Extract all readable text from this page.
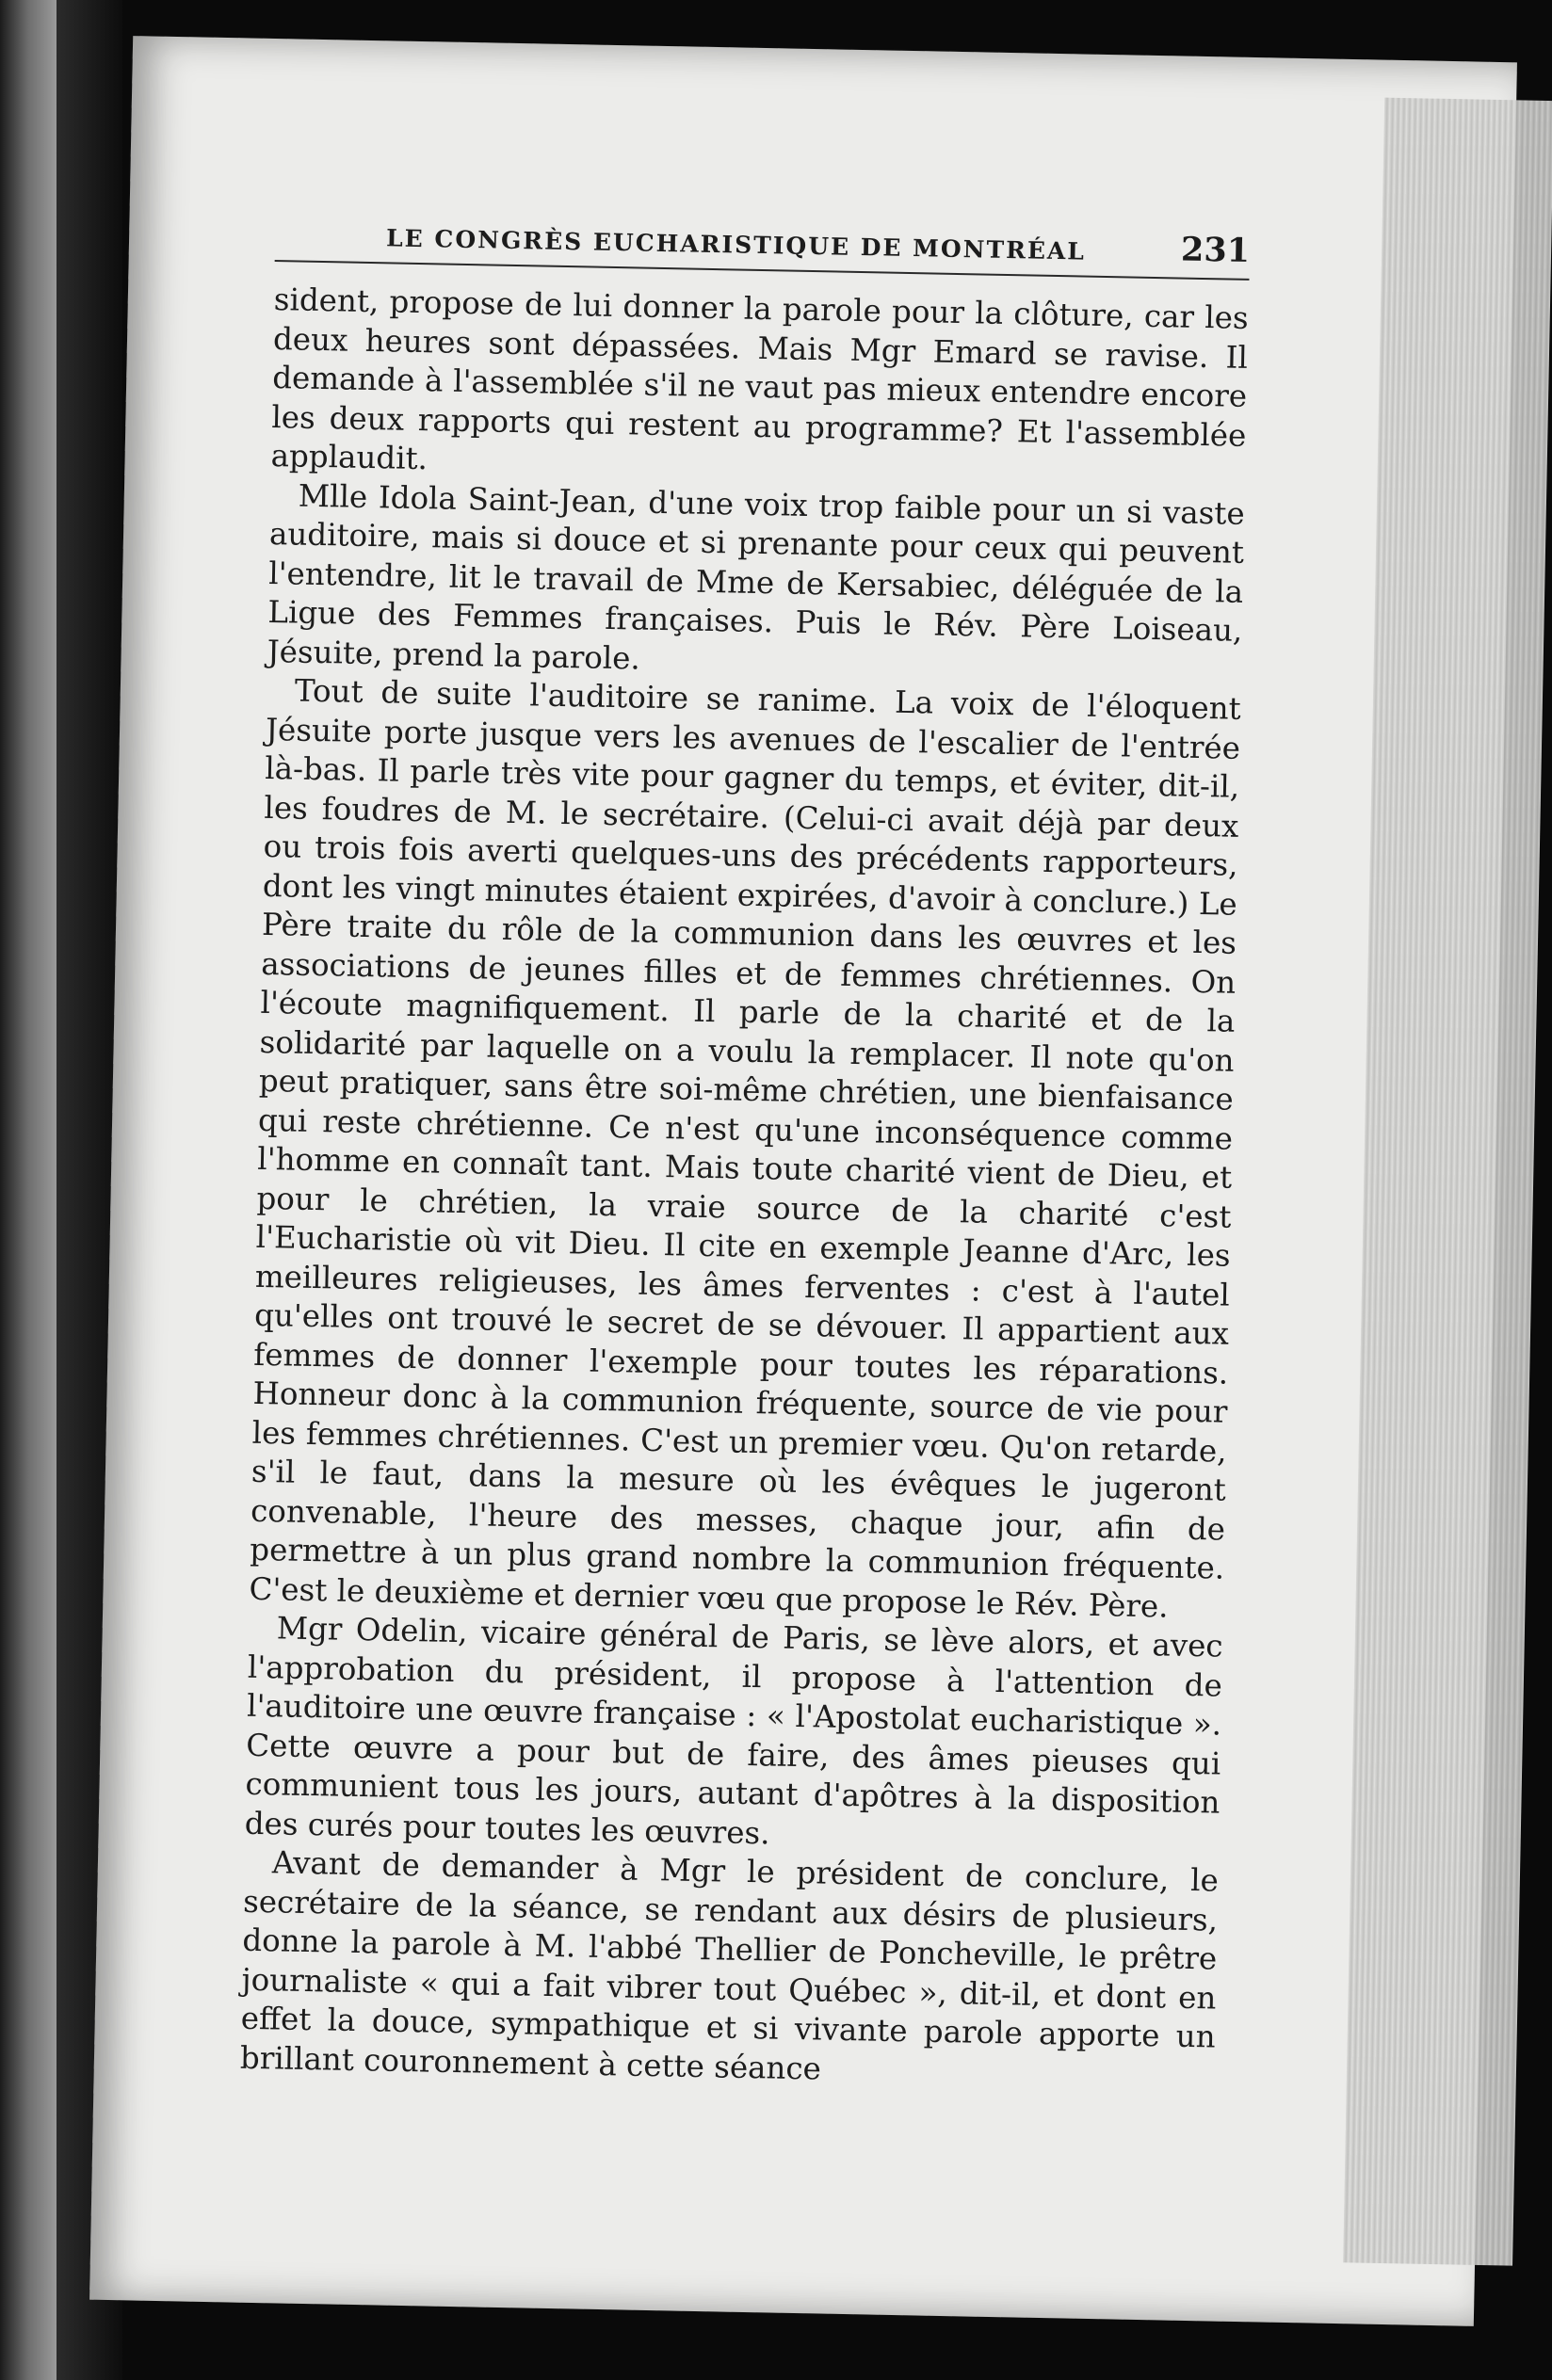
LE CONGRÈS EUCHARISTIQUE DE MONTRÉAL	231

sident, propose de lui donner la parole pour la clôture, car les deux heures sont dépassées. Mais Mgr Emard se ravise. Il demande à l'assemblée s'il ne vaut pas mieux entendre encore les deux rapports qui restent au programme? Et l'assemblée applaudit.

Mlle Idola Saint-Jean, d'une voix trop faible pour un si vaste auditoire, mais si douce et si prenante pour ceux qui peuvent l'entendre, lit le travail de Mme de Kersabiec, déléguée de la Ligue des Femmes françaises. Puis le Rév. Père Loiseau, Jésuite, prend la parole.

Tout de suite l'auditoire se ranime. La voix de l'éloquent Jésuite porte jusque vers les avenues de l'escalier de l'entrée là-bas. Il parle très vite pour gagner du temps, et éviter, dit-il, les foudres de M. le secrétaire. (Celui-ci avait déjà par deux ou trois fois averti quelques-uns des précédents rapporteurs, dont les vingt minutes étaient expirées, d'avoir à conclure.) Le Père traite du rôle de la communion dans les œuvres et les associations de jeunes filles et de femmes chrétiennes. On l'écoute magnifiquement. Il parle de la charité et de la solidarité par laquelle on a voulu la remplacer. Il note qu'on peut pratiquer, sans être soi-même chrétien, une bienfaisance qui reste chrétienne. Ce n'est qu'une inconséquence comme l'homme en connaît tant. Mais toute charité vient de Dieu, et pour le chrétien, la vraie source de la charité c'est l'Eucharistie où vit Dieu. Il cite en exemple Jeanne d'Arc, les meilleures religieuses, les âmes ferventes : c'est à l'autel qu'elles ont trouvé le secret de se dévouer. Il appartient aux femmes de donner l'exemple pour toutes les réparations. Honneur donc à la communion fréquente, source de vie pour les femmes chrétiennes. C'est un premier vœu. Qu'on retarde, s'il le faut, dans la mesure où les évêques le jugeront convenable, l'heure des messes, chaque jour, afin de permettre à un plus grand nombre la communion fréquente. C'est le deuxième et dernier vœu que propose le Rév. Père.

Mgr Odelin, vicaire général de Paris, se lève alors, et avec l'approbation du président, il propose à l'attention de l'auditoire une œuvre française : « l'Apostolat eucharistique ». Cette œuvre a pour but de faire, des âmes pieuses qui communient tous les jours, autant d'apôtres à la disposition des curés pour toutes les œuvres.

Avant de demander à Mgr le président de conclure, le secrétaire de la séance, se rendant aux désirs de plusieurs, donne la parole à M. l'abbé Thellier de Poncheville, le prêtre journaliste « qui a fait vibrer tout Québec », dit-il, et dont en effet la douce, sympathique et si vivante parole apporte un brillant couronnement à cette séance
